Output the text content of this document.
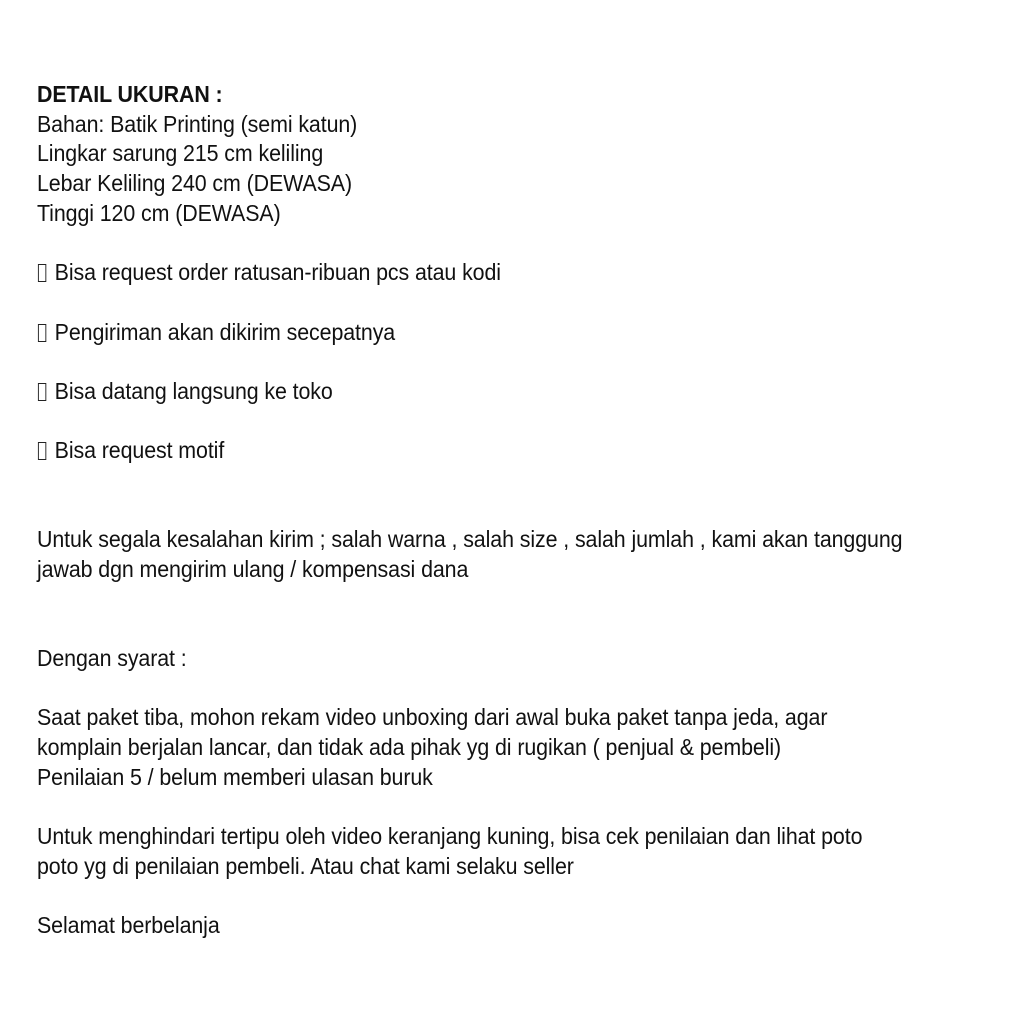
DETAIL UKURAN :
Bahan: Batik Printing (semi katun)
Lingkar sarung 215 cm keliling
Lebar Keliling 240 cm (DEWASA)
Tinggi 120 cm (DEWASA)
Bisa request order ratusan-ribuan pcs atau kodi
Pengiriman akan dikirim secepatnya
Bisa datang langsung ke toko
Bisa request motif
Untuk segala kesalahan kirim ; salah warna , salah size , salah jumlah , kami akan tanggung
jawab dgn mengirim ulang / kompensasi dana
Dengan syarat :
Saat paket tiba, mohon rekam video unboxing dari awal buka paket tanpa jeda, agar
komplain berjalan lancar, dan tidak ada pihak yg di rugikan ( penjual & pembeli)
Penilaian 5 / belum memberi ulasan buruk
Untuk menghindari tertipu oleh video keranjang kuning, bisa cek penilaian dan lihat poto
poto yg di penilaian pembeli. Atau chat kami selaku seller
Selamat berbelanja
